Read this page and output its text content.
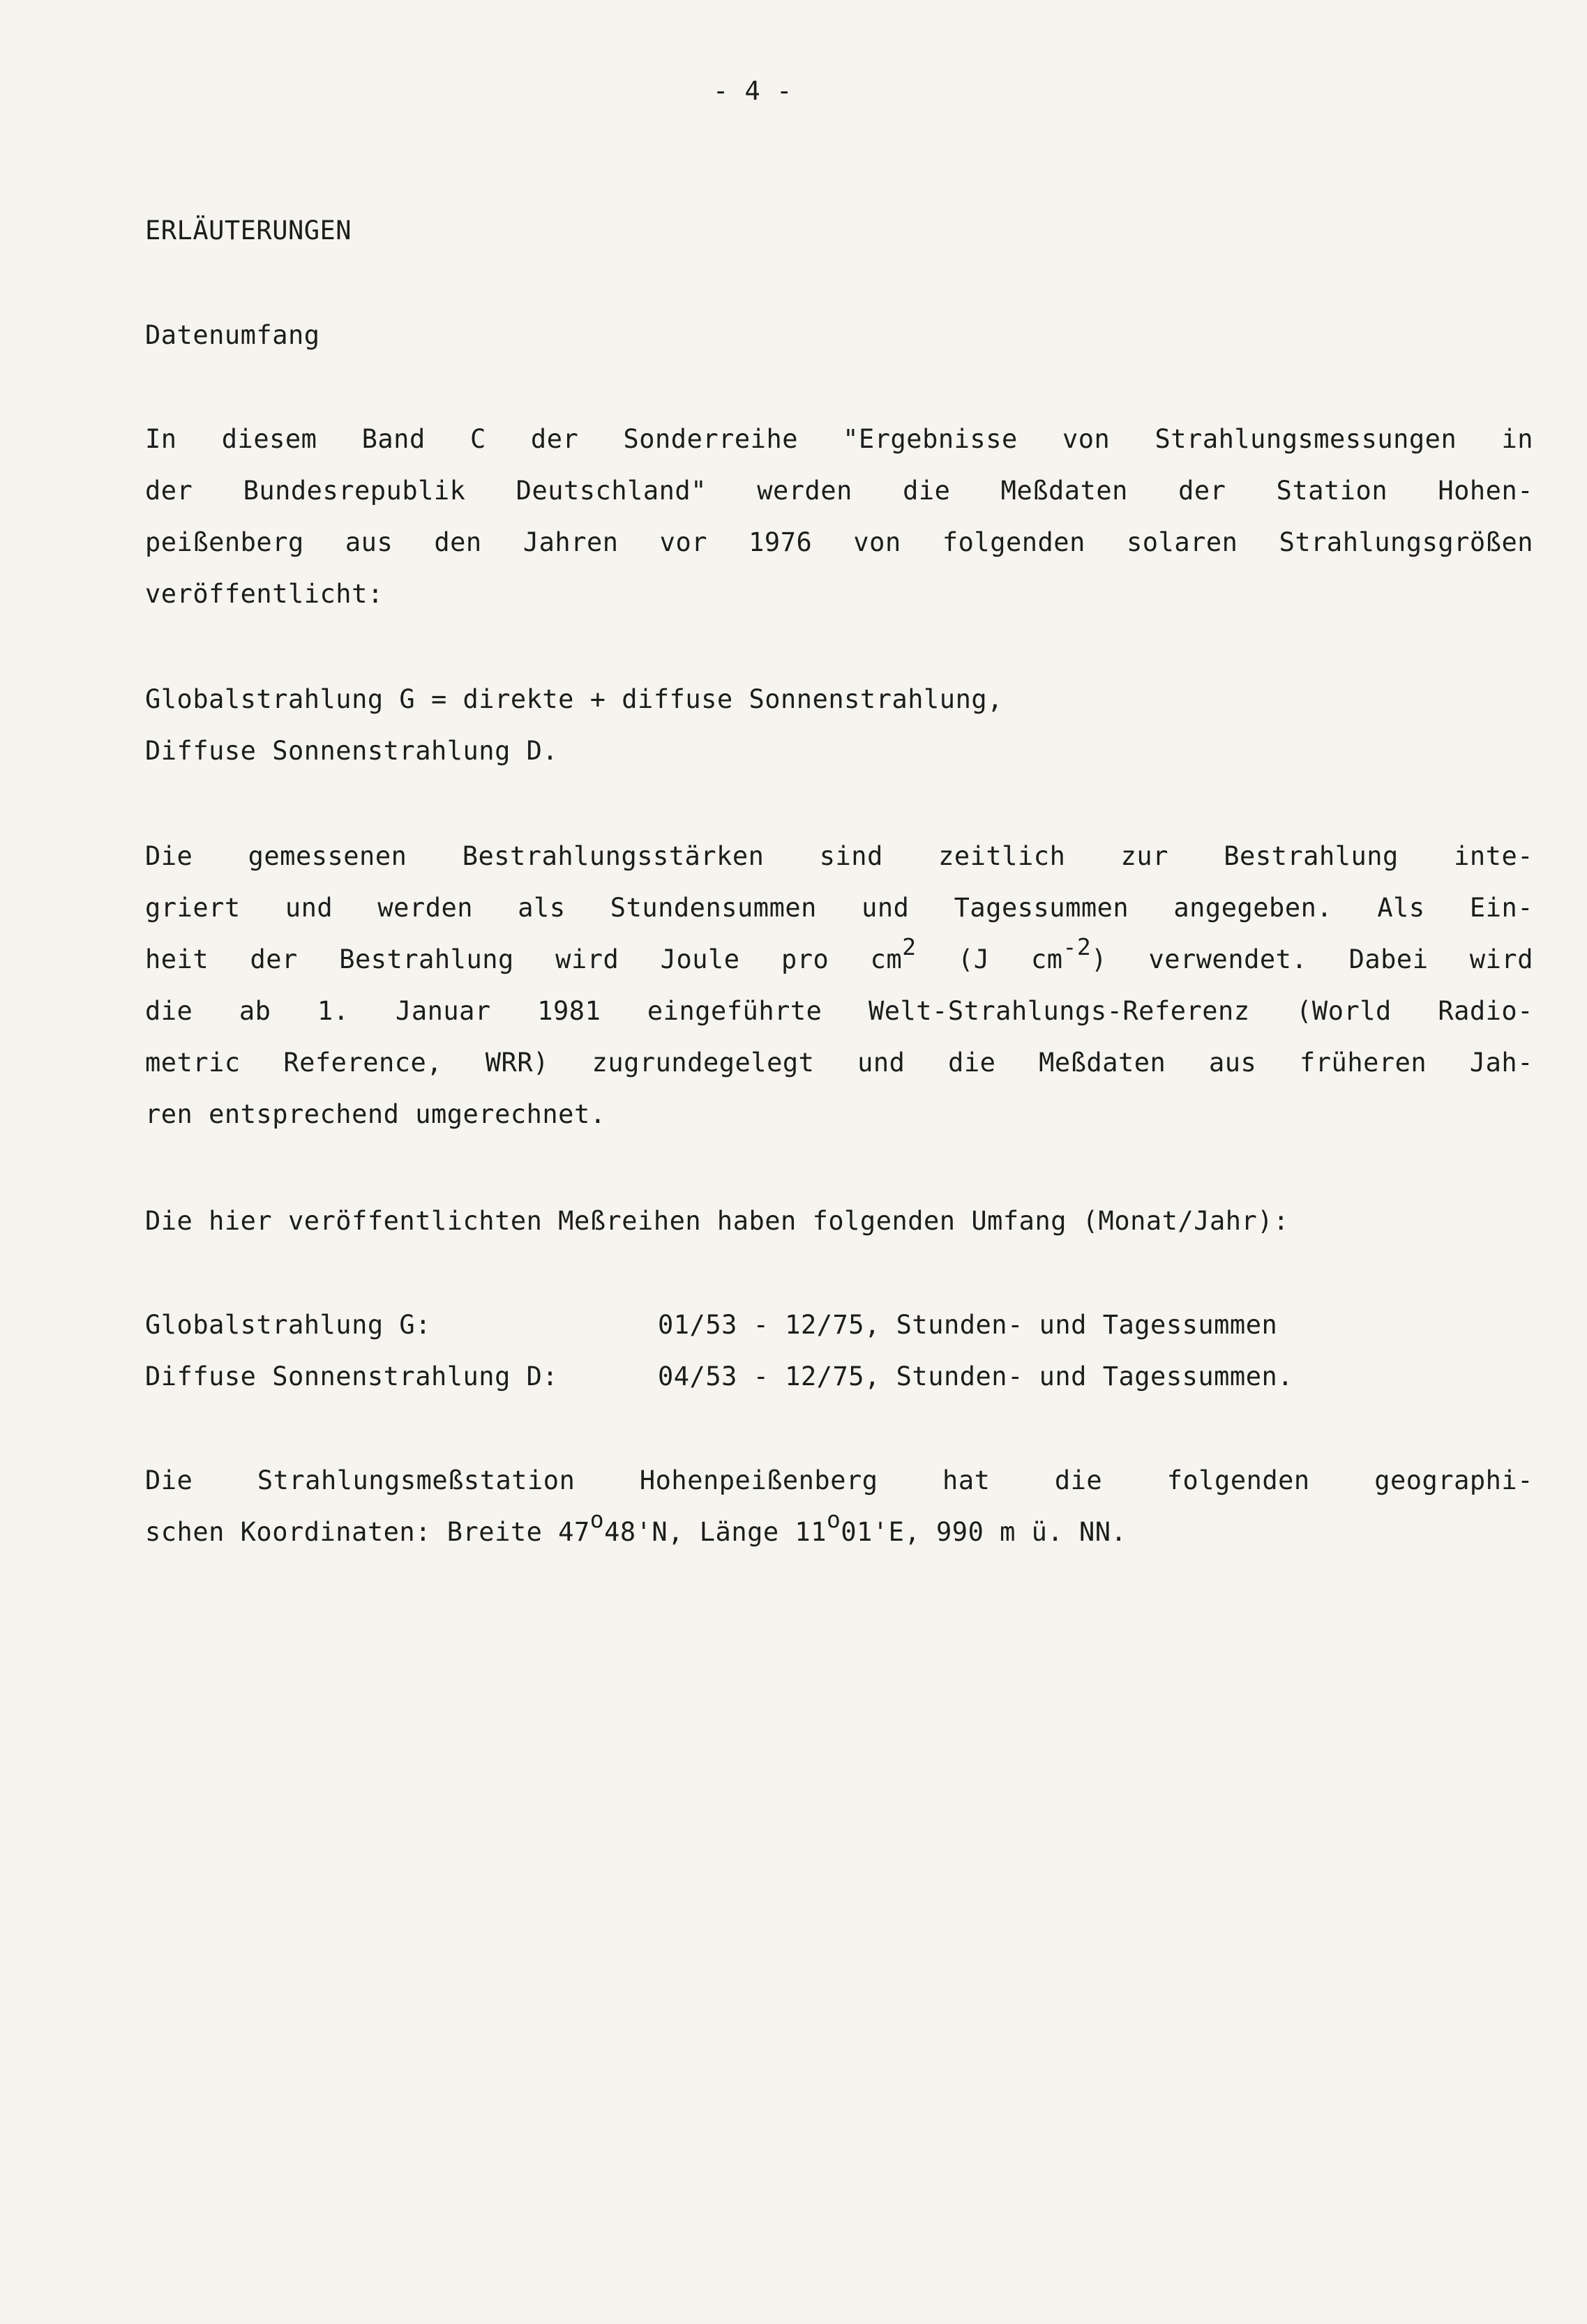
- 4 -
ERLÄUTERUNGEN
Datenumfang
In diesem Band C der Sonderreihe "Ergebnisse von Strahlungsmessungen in
der Bundesrepublik Deutschland" werden die Meßdaten der Station Hohen-
peißenberg aus den Jahren vor 1976 von folgenden solaren Strahlungsgrößen
veröffentlicht:
Globalstrahlung G = direkte + diffuse Sonnenstrahlung,
Diffuse Sonnenstrahlung D.
Die gemessenen Bestrahlungsstärken sind zeitlich zur Bestrahlung inte-
griert und werden als Stundensummen und Tagessummen angegeben. Als Ein-
heit der Bestrahlung wird Joule pro $cm^2$ (J $cm^{-2}$) verwendet. Dabei wird
die ab 1. Januar 1981 eingeführte Welt-Strahlungs-Referenz (World Radio-
metric Reference, WRR) zugrundegelegt und die Meßdaten aus früheren Jah-
ren entsprechend umgerechnet.
Die hier veröffentlichten Meßreihen haben folgenden Umfang (Monat/Jahr):
Globalstrahlung G:	01/53 - 12/75, Stunden- und Tagessummen
Diffuse Sonnenstrahlung D:	04/53 - 12/75, Stunden- und Tagessummen.
Die Strahlungsmeßstation Hohenpeißenberg hat die folgenden geographi-
schen Koordinaten: Breite 47$^o$48'N, Länge 11$^o$01'E, 990 m ü. NN.
